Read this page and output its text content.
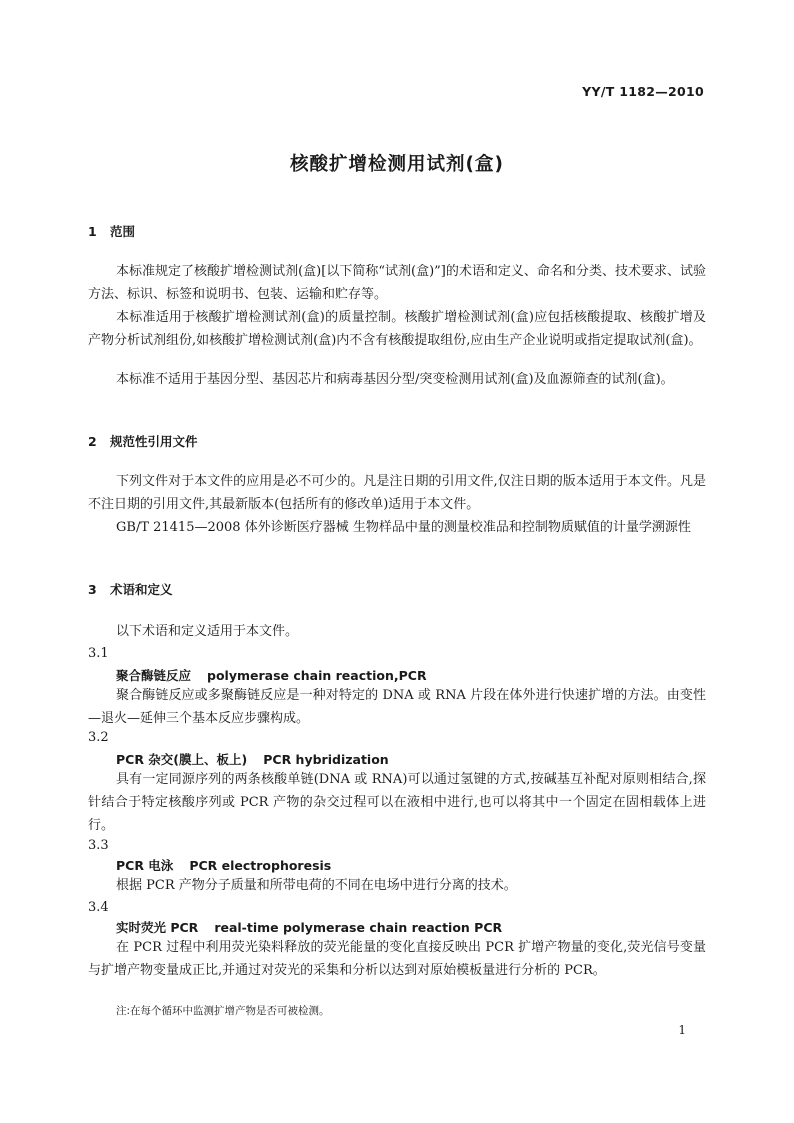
YY/T 1182—2010
核酸扩增检测用试剂(盒)
1 范围

本标准规定了核酸扩增检测试剂(盒)[以下简称“试剂(盒)”]的术语和定义、命名和分类、技术要求、试验方法、标识、标签和说明书、包装、运输和贮存等。

本标准适用于核酸扩增检测试剂(盒)的质量控制。核酸扩增检测试剂(盒)应包括核酸提取、核酸扩增及产物分析试剂组份,如核酸扩增检测试剂(盒)内不含有核酸提取组份,应由生产企业说明或指定提取试剂(盒)。

本标准不适用于基因分型、基因芯片和病毒基因分型/突变检测用试剂(盒)及血源筛查的试剂(盒)。

2 规范性引用文件

下列文件对于本文件的应用是必不可少的。凡是注日期的引用文件,仅注日期的版本适用于本文件。凡是不注日期的引用文件,其最新版本(包括所有的修改单)适用于本文件。

GB/T 21415—2008 体外诊断医疗器械 生物样品中量的测量校准品和控制物质赋值的计量学溯源性

3 术语和定义

以下术语和定义适用于本文件。

3.1
聚合酶链反应 polymerase chain reaction,PCR

聚合酶链反应或多聚酶链反应是一种对特定的 DNA 或 RNA 片段在体外进行快速扩增的方法。由变性—退火—延伸三个基本反应步骤构成。

3.2
PCR 杂交(膜上、板上) PCR hybridization

具有一定同源序列的两条核酸单链(DNA 或 RNA)可以通过氢键的方式,按碱基互补配对原则相结合,探针结合于特定核酸序列或 PCR 产物的杂交过程可以在液相中进行,也可以将其中一个固定在固相载体上进行。

3.3
PCR 电泳 PCR electrophoresis

根据 PCR 产物分子质量和所带电荷的不同在电场中进行分离的技术。

3.4
实时荧光 PCR real-time polymerase chain reaction PCR

在 PCR 过程中利用荧光染料释放的荧光能量的变化直接反映出 PCR 扩增产物量的变化,荧光信号变量与扩增产物变量成正比,并通过对荧光的采集和分析以达到对原始模板量进行分析的 PCR。

注:在每个循环中监测扩增产物是否可被检测。
1
